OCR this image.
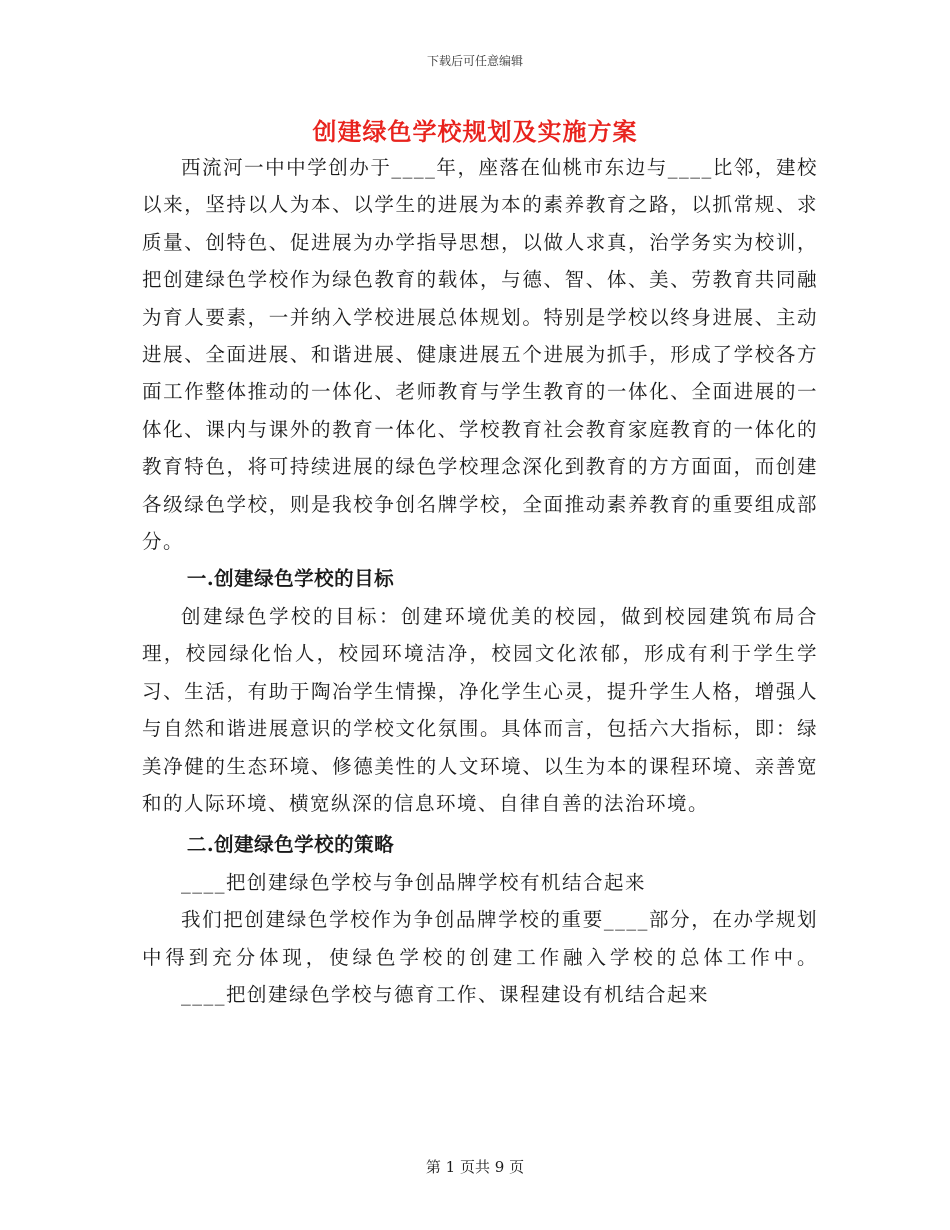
下载后可任意编辑
创建绿色学校规划及实施方案

西流河一中中学创办于____年，座落在仙桃市东边与____比邻，建校以来，坚持以人为本、以学生的进展为本的素养教育之路，以抓常规、求质量、创特色、促进展为办学指导思想，以做人求真，治学务实为校训，把创建绿色学校作为绿色教育的载体，与德、智、体、美、劳教育共同融为育人要素，一并纳入学校进展总体规划。特别是学校以终身进展、主动进展、全面进展、和谐进展、健康进展五个进展为抓手，形成了学校各方面工作整体推动的一体化、老师教育与学生教育的一体化、全面进展的一体化、课内与课外的教育一体化、学校教育社会教育家庭教育的一体化的教育特色，将可持续进展的绿色学校理念深化到教育的方方面面，而创建各级绿色学校，则是我校争创名牌学校，全面推动素养教育的重要组成部分。

一.创建绿色学校的目标

创建绿色学校的目标：创建环境优美的校园，做到校园建筑布局合理，校园绿化怡人，校园环境洁净，校园文化浓郁，形成有利于学生学习、生活，有助于陶冶学生情操，净化学生心灵，提升学生人格，增强人与自然和谐进展意识的学校文化氛围。具体而言，包括六大指标，即：绿美净健的生态环境、修德美性的人文环境、以生为本的课程环境、亲善宽和的人际环境、横宽纵深的信息环境、自律自善的法治环境。

二.创建绿色学校的策略

____把创建绿色学校与争创品牌学校有机结合起来

我们把创建绿色学校作为争创品牌学校的重要____部分，在办学规划中得到充分体现，使绿色学校的创建工作融入学校的总体工作中。

____把创建绿色学校与德育工作、课程建设有机结合起来

第 1 页共 9 页
